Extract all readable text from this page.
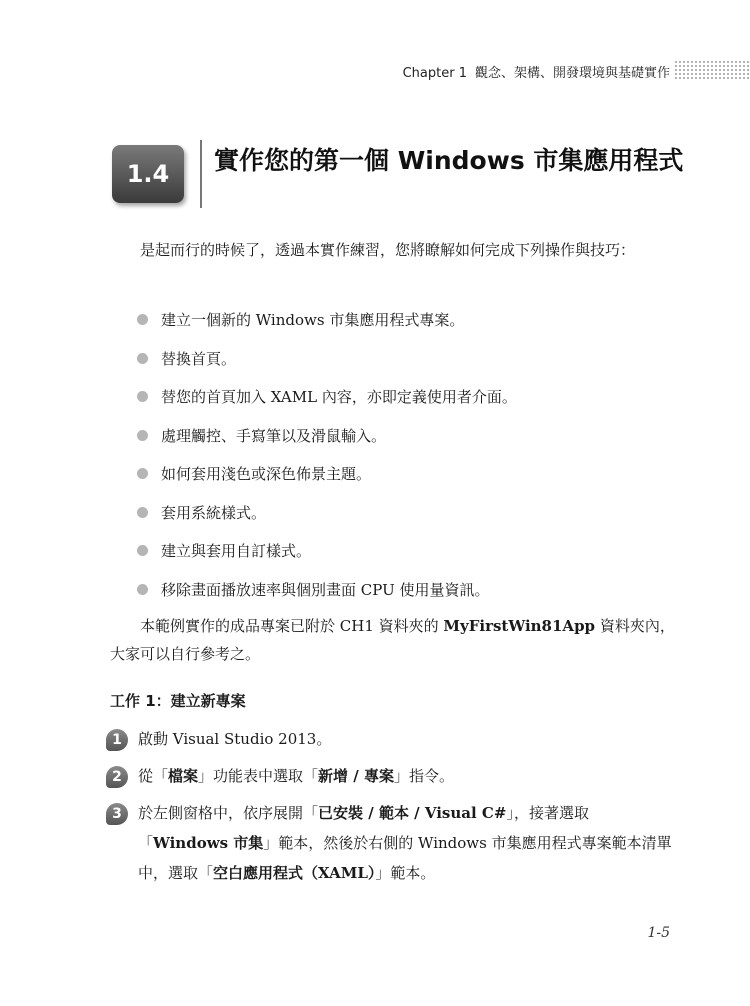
Chapter 1 觀念、架構、開發環境與基礎實作
1.4	實作您的第一個 Windows 市集應用程式
是起而行的時候了，透過本實作練習，您將瞭解如何完成下列操作與技巧：
建立一個新的 Windows 市集應用程式專案。
替換首頁。
替您的首頁加入 XAML 內容，亦即定義使用者介面。
處理觸控、手寫筆以及滑鼠輸入。
如何套用淺色或深色佈景主題。
套用系統樣式。
建立與套用自訂樣式。
移除畫面播放速率與個別畫面 CPU 使用量資訊。
本範例實作的成品專案已附於 CH1 資料夾的 MyFirstWin81App 資料夾內，大家可以自行參考之。
工作 1：建立新專案
1	啟動 Visual Studio 2013。
2	從「檔案」功能表中選取「新增 / 專案」指令。
3	於左側窗格中，依序展開「已安裝 / 範本 / Visual C#」，接著選取「Windows 市集」範本，然後於右側的 Windows 市集應用程式專案範本清單中，選取「空白應用程式（XAML）」範本。
1-5
